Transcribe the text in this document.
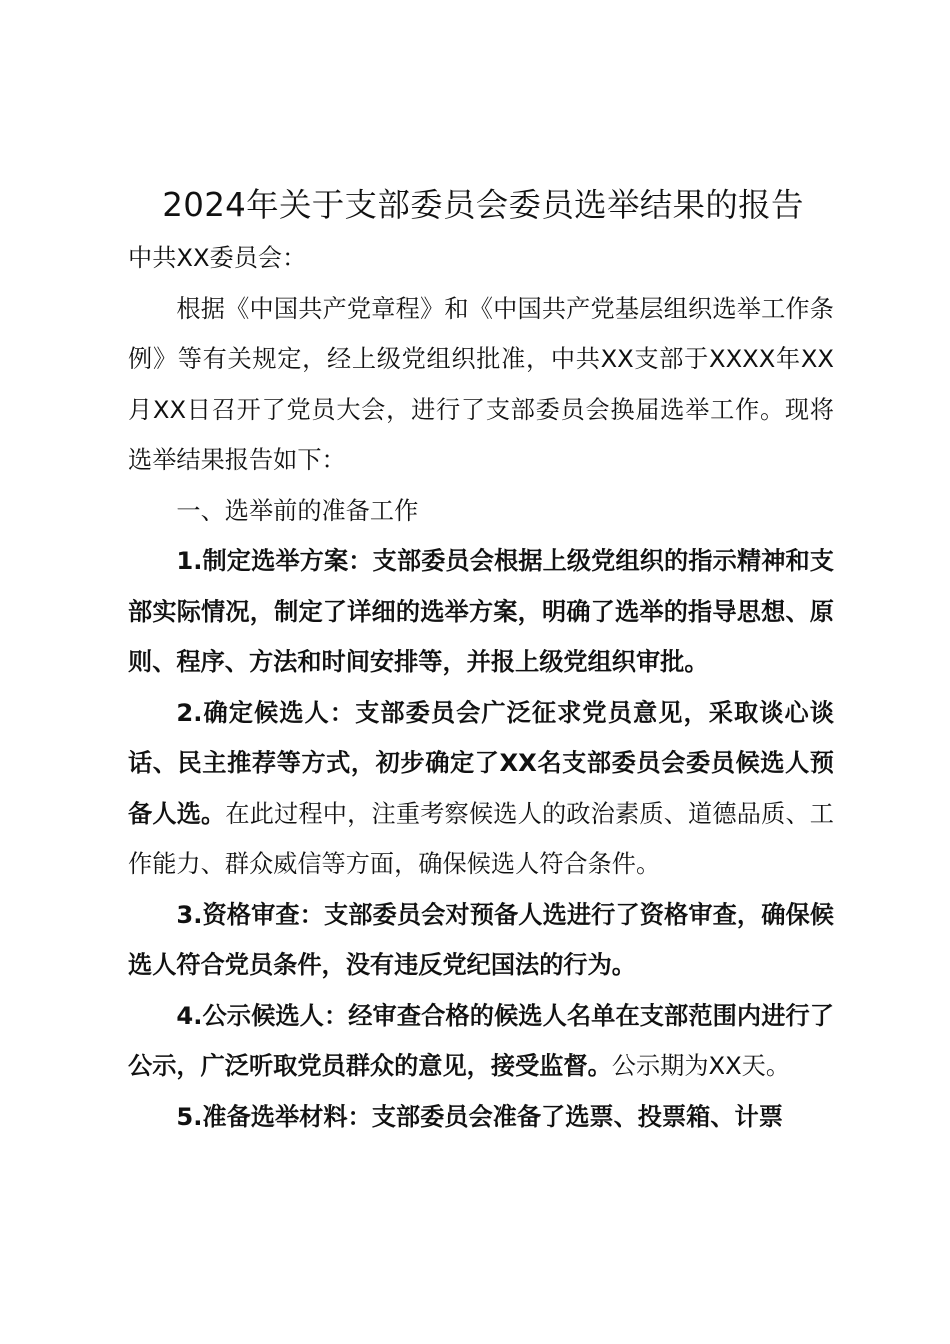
2024年关于支部委员会委员选举结果的报告

中共XX委员会：

根据《中国共产党章程》和《中国共产党基层组织选举工作条例》等有关规定，经上级党组织批准，中共XX支部于XXXX年XX月XX日召开了党员大会，进行了支部委员会换届选举工作。现将选举结果报告如下：

一、选举前的准备工作

1.制定选举方案：支部委员会根据上级党组织的指示精神和支部实际情况，制定了详细的选举方案，明确了选举的指导思想、原则、程序、方法和时间安排等，并报上级党组织审批。

2.确定候选人：支部委员会广泛征求党员意见，采取谈心谈话、民主推荐等方式，初步确定了XX名支部委员会委员候选人预备人选。在此过程中，注重考察候选人的政治素质、道德品质、工作能力、群众威信等方面，确保候选人符合条件。

3.资格审查：支部委员会对预备人选进行了资格审查，确保候选人符合党员条件，没有违反党纪国法的行为。

4.公示候选人：经审查合格的候选人名单在支部范围内进行了公示，广泛听取党员群众的意见，接受监督。公示期为XX天。

5.准备选举材料：支部委员会准备了选票、投票箱、计票
